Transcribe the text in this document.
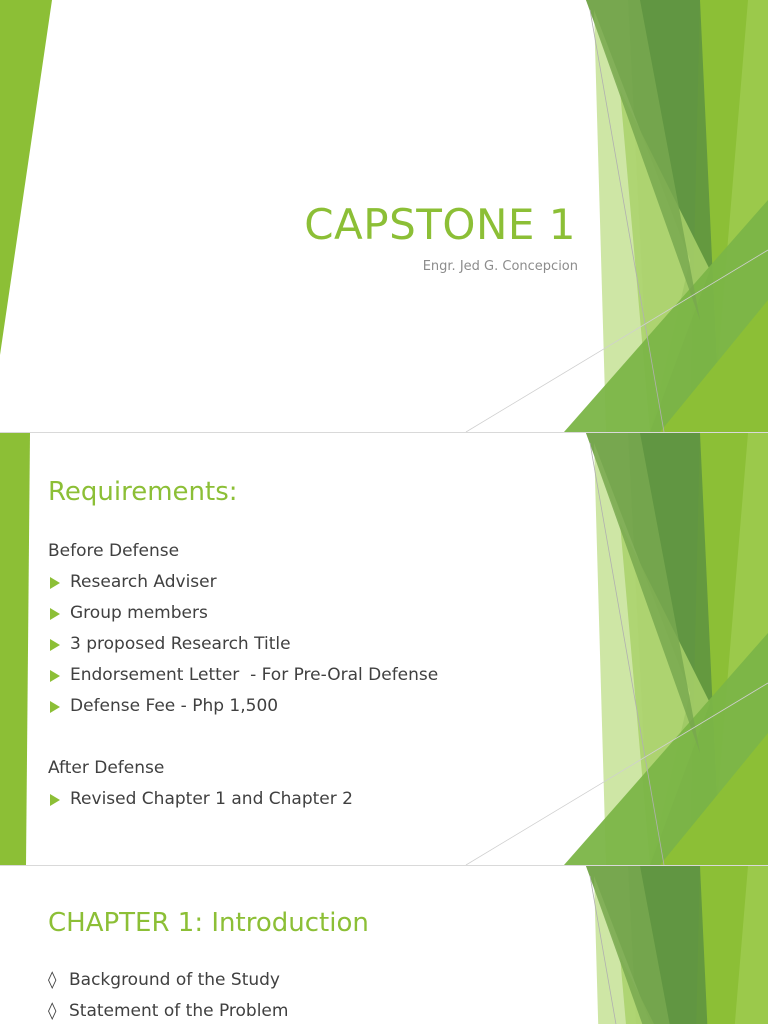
CAPSTONE 1
Engr. Jed G. Concepcion
Requirements:
Before Defense
Research Adviser
Group members
3 proposed Research Title
Endorsement Letter  - For Pre-Oral Defense
Defense Fee - Php 1,500
After Defense
Revised Chapter 1 and Chapter 2
CHAPTER 1: Introduction
◊ Background of the Study
◊ Statement of the Problem
